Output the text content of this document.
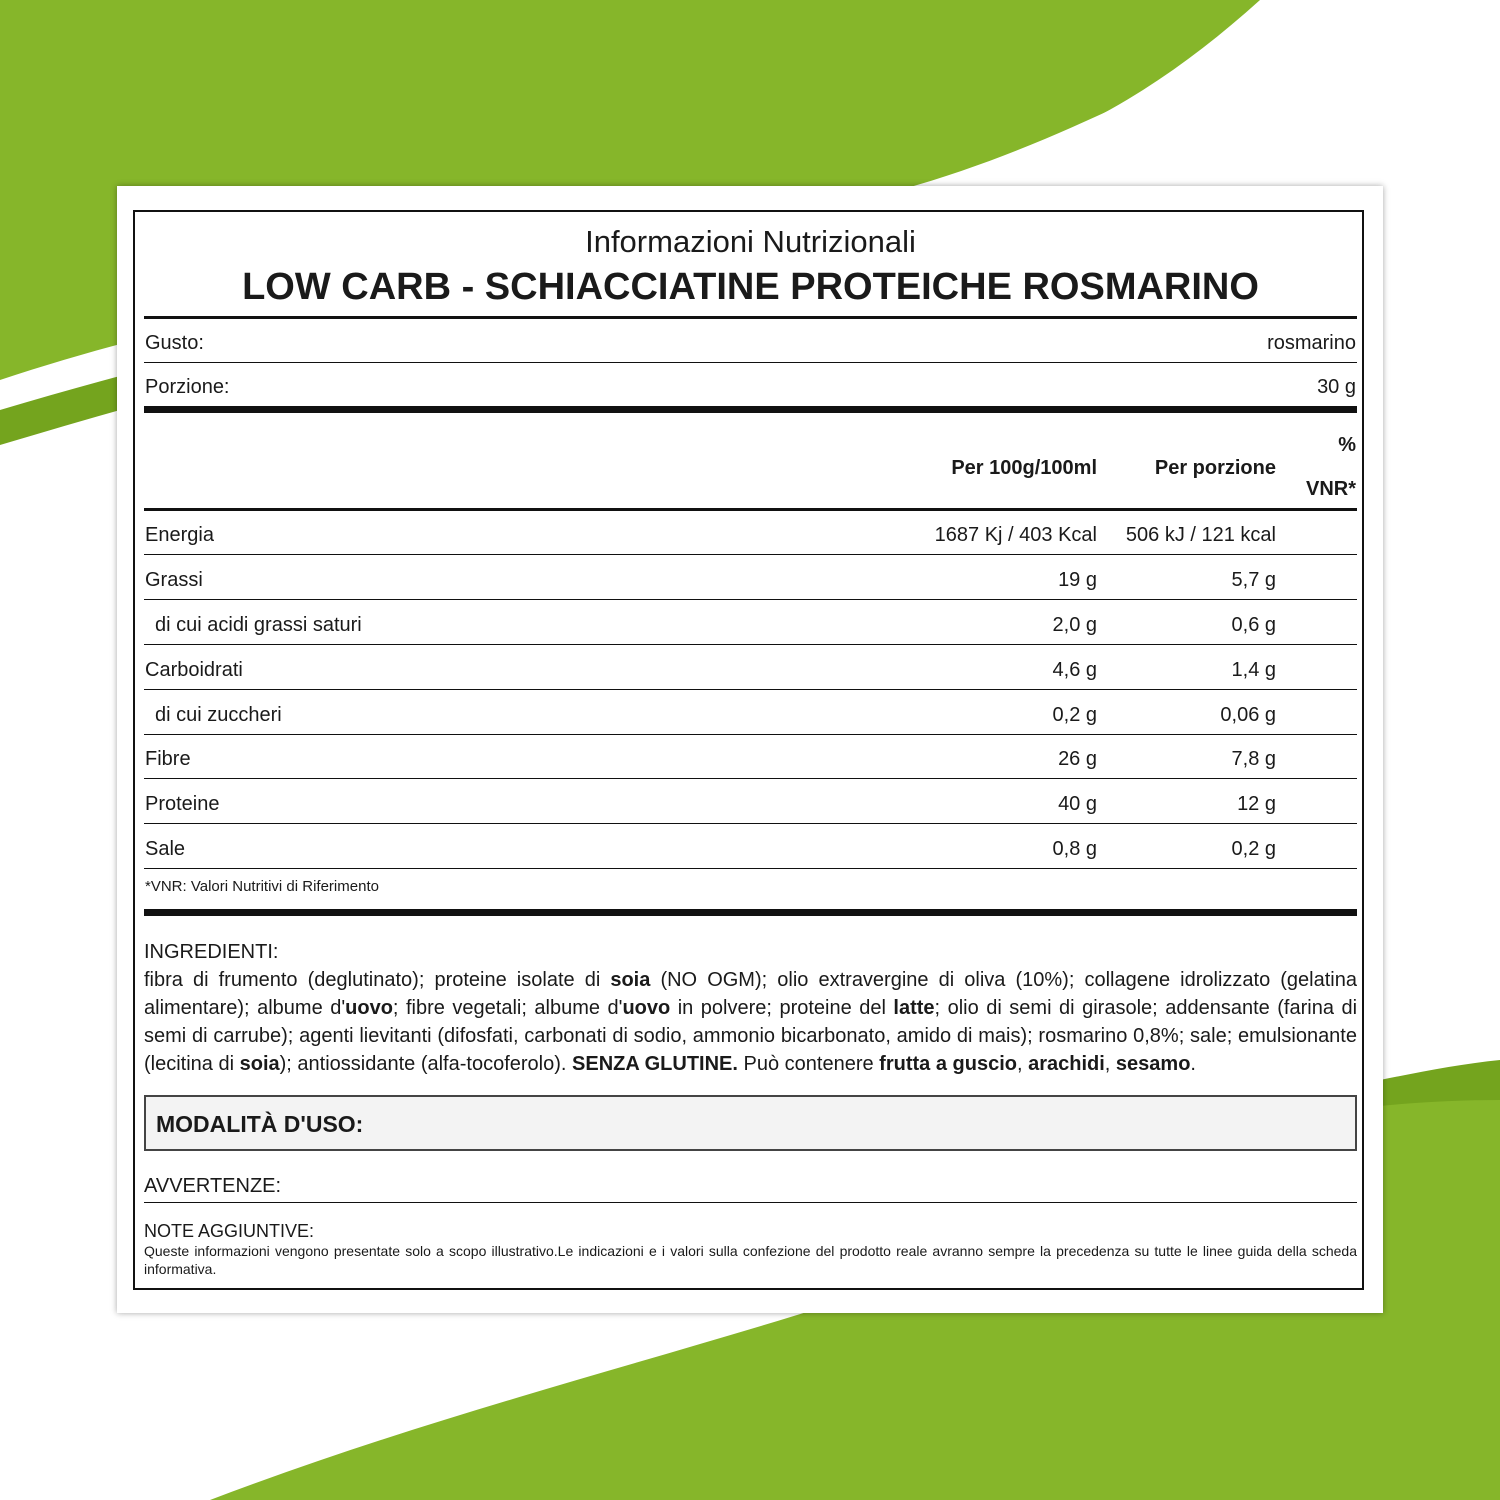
Informazioni Nutrizionali
LOW CARB - SCHIACCIATINE PROTEICHE ROSMARINO
Gusto:	rosmarino
Porzione:	30 g
Per 100g/100ml	Per porzione
%
VNR*
Energia	1687 Kj / 403 Kcal	506 kJ / 121 kcal
Grassi	19 g	5,7 g
di cui acidi grassi saturi	2,0 g	0,6 g
Carboidrati	4,6 g	1,4 g
di cui zuccheri	0,2 g	0,06 g
Fibre	26 g	7,8 g
Proteine	40 g	12 g
Sale	0,8 g	0,2 g
*VNR: Valori Nutritivi di Riferimento
INGREDIENTI:
fibra di frumento (deglutinato); proteine isolate di soia (NO OGM); olio extravergine di oliva (10%); collagene idrolizzato (gelatina alimentare); albume d'uovo; fibre vegetali; albume d'uovo in polvere; proteine del latte; olio di semi di girasole; addensante (farina di semi di carrube); agenti lievitanti (difosfati, carbonati di sodio, ammonio bicarbonato, amido di mais); rosmarino 0,8%; sale; emulsionante (lecitina di soia); antiossidante (alfa-tocoferolo). SENZA GLUTINE. Può contenere frutta a guscio, arachidi, sesamo.
MODALITÀ D'USO:
AVVERTENZE:
NOTE AGGIUNTIVE:
Queste informazioni vengono presentate solo a scopo illustrativo.Le indicazioni e i valori sulla confezione del prodotto reale avranno sempre la precedenza su tutte le linee guida della scheda informativa.
